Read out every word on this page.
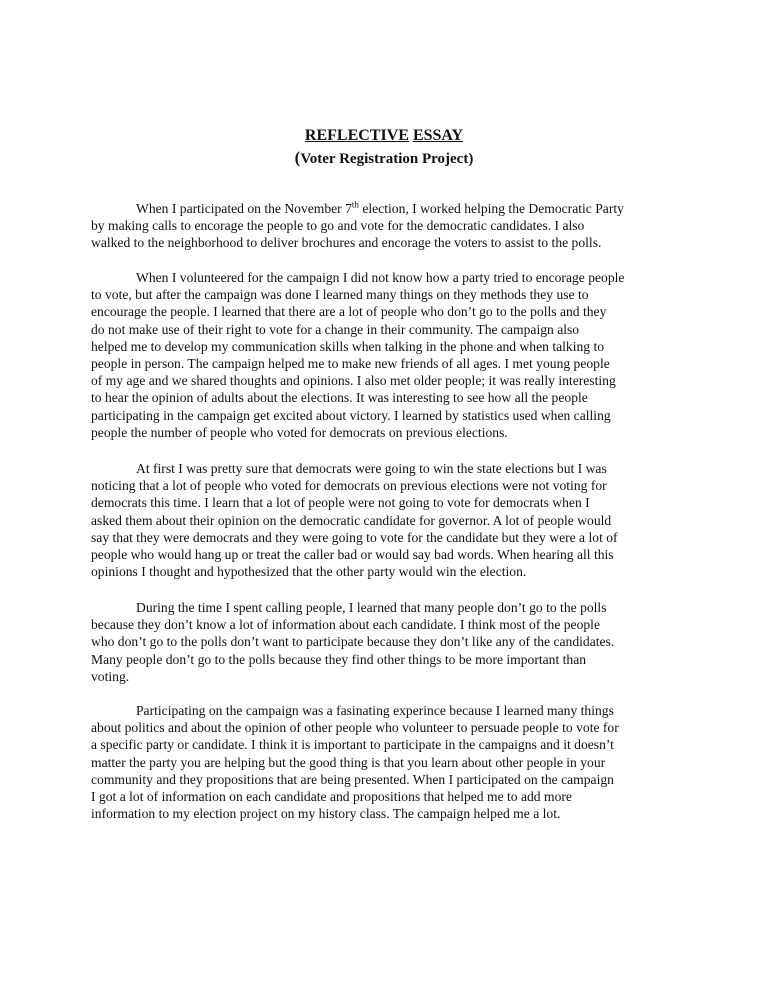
REFLECTIVE ESSAY
(Voter Registration Project)
When I participated on the November 7th election, I worked helping the Democratic Party
by making calls to encorage the people to go and vote for the democratic candidates. I also
walked to the neighborhood to deliver brochures and encorage the voters to assist to the polls.
When I volunteered for the campaign I did not know how a party tried to encorage people
to vote, but after the campaign was done I learned many things on they methods they use to
encourage the people. I learned that there are a lot of people who don’t go to the polls and they
do not make use of their right to vote for a change in their community. The campaign also
helped me to develop my communication skills when talking in the phone and when talking to
people in person. The campaign helped me to make new friends of all ages. I met young people
of my age and we shared thoughts and opinions. I also met older people; it was really interesting
to hear the opinion of adults about the elections. It was interesting to see how all the people
participating in the campaign get excited about victory. I learned by statistics used when calling
people the number of people who voted for democrats on previous elections.
At first I was pretty sure that democrats were going to win the state elections but I was
noticing that a lot of people who voted for democrats on previous elections were not voting for
democrats this time. I learn that a lot of people were not going to vote for democrats when I
asked them about their opinion on the democratic candidate for governor. A lot of people would
say that they were democrats and they were going to vote for the candidate but they were a lot of
people who would hang up or treat the caller bad or would say bad words. When hearing all this
opinions I thought and hypothesized that the other party would win the election.
During the time I spent calling people, I learned that many people don’t go to the polls
because they don’t know a lot of information about each candidate. I think most of the people
who don’t go to the polls don’t want to participate because they don’t like any of the candidates.
Many people don’t go to the polls because they find other things to be more important than
voting.
Participating on the campaign was a fasinating experince because I learned many things
about politics and about the opinion of other people who volunteer to persuade people to vote for
a specific party or candidate. I think it is important to participate in the campaigns and it doesn’t
matter the party you are helping but the good thing is that you learn about other people in your
community and they propositions that are being presented. When I participated on the campaign
I got a lot of information on each candidate and propositions that helped me to add more
information to my election project on my history class. The campaign helped me a lot.
